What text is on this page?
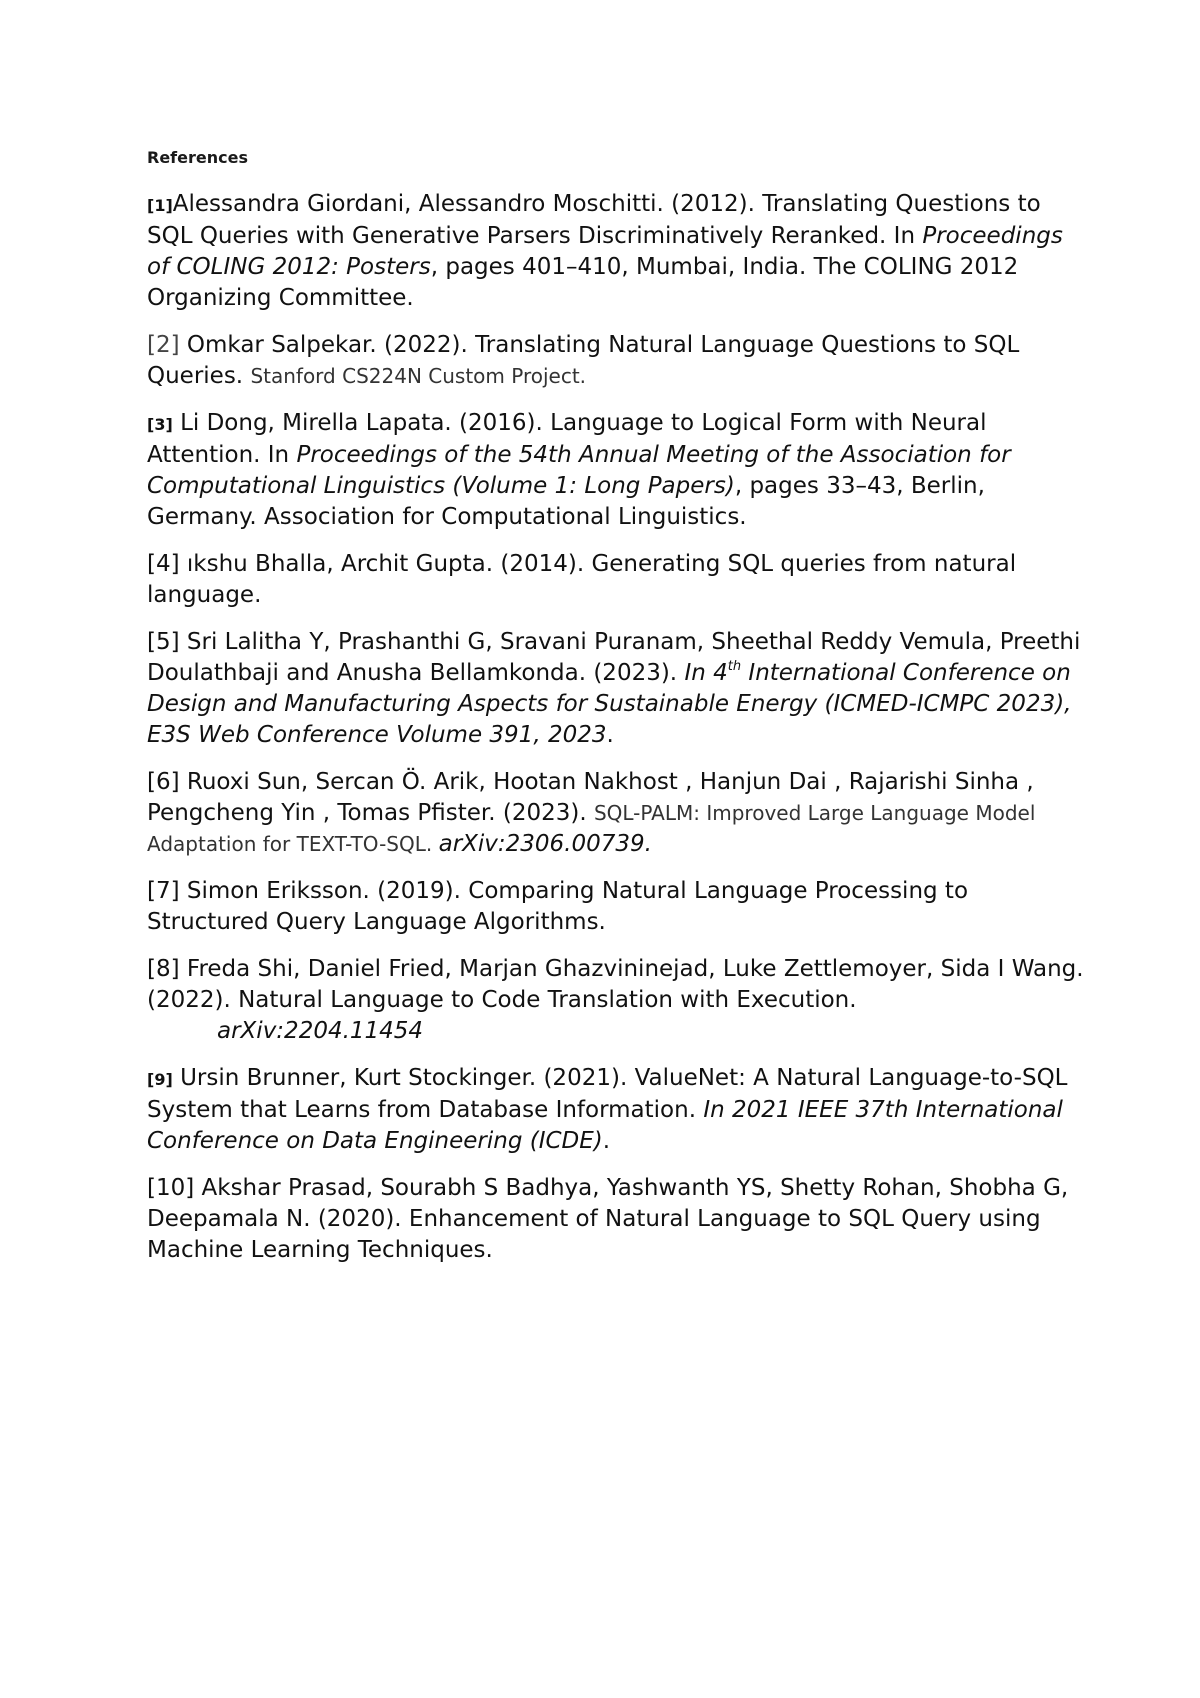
References

[1]Alessandra Giordani, Alessandro Moschitti. (2012). Translating Questions to SQL Queries with Generative Parsers Discriminatively Reranked. In Proceedings of COLING 2012: Posters, pages 401–410, Mumbai, India. The COLING 2012 Organizing Committee.

[2] Omkar Salpekar. (2022). Translating Natural Language Questions to SQL Queries. Stanford CS224N Custom Project.

[3] Li Dong, Mirella Lapata. (2016). Language to Logical Form with Neural Attention. In Proceedings of the 54th Annual Meeting of the Association for Computational Linguistics (Volume 1: Long Papers), pages 33–43, Berlin, Germany. Association for Computational Linguistics.

[4] ıkshu Bhalla, Archit Gupta. (2014). Generating SQL queries from natural language.

[5] Sri Lalitha Y, Prashanthi G, Sravani Puranam, Sheethal Reddy Vemula, Preethi Doulathbaji and Anusha Bellamkonda. (2023). In 4th International Conference on Design and Manufacturing Aspects for Sustainable Energy (ICMED-ICMPC 2023), E3S Web Conference Volume 391, 2023.

[6] Ruoxi Sun, Sercan Ö. Arik, Hootan Nakhost , Hanjun Dai , Rajarishi Sinha , Pengcheng Yin , Tomas Pfister. (2023). SQL-PALM: Improved Large Language Model Adaptation for TEXT-TO-SQL. arXiv:2306.00739.

[7] Simon Eriksson. (2019). Comparing Natural Language Processing to Structured Query Language Algorithms.

[8] Freda Shi, Daniel Fried, Marjan Ghazvininejad, Luke Zettlemoyer, Sida I Wang. (2022). Natural Language to Code Translation with Execution.
arXiv:2204.11454

[9] Ursin Brunner, Kurt Stockinger. (2021). ValueNet: A Natural Language-to-SQL System that Learns from Database Information. In 2021 IEEE 37th International Conference on Data Engineering (ICDE).

[10] Akshar Prasad, Sourabh S Badhya, Yashwanth YS, Shetty Rohan, Shobha G, Deepamala N. (2020). Enhancement of Natural Language to SQL Query using Machine Learning Techniques.
